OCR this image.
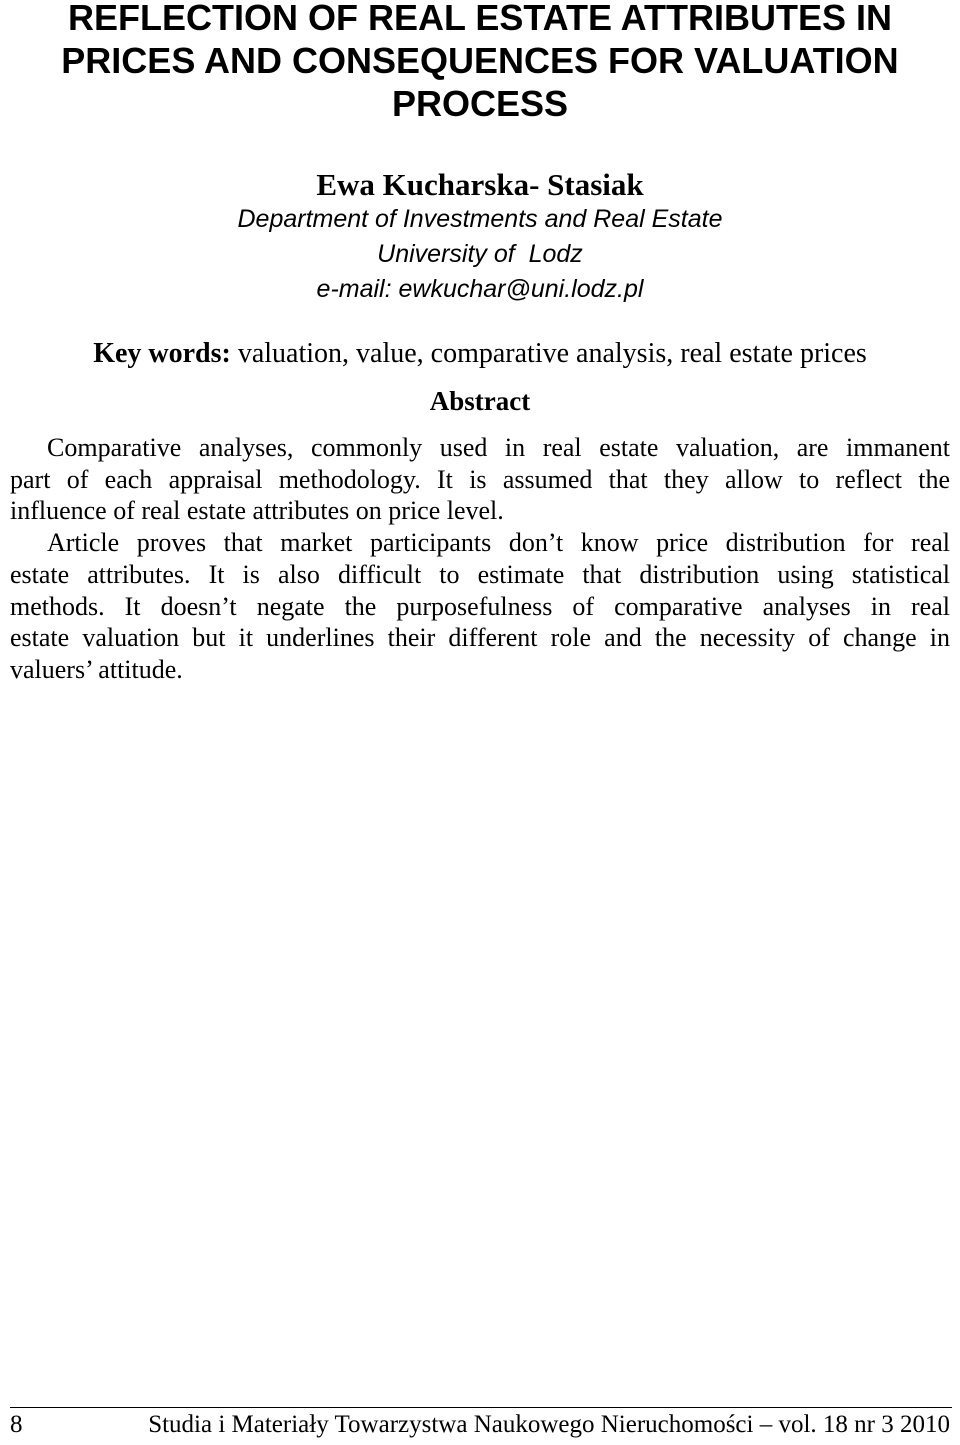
REFLECTION OF REAL ESTATE ATTRIBUTES IN PRICES AND CONSEQUENCES FOR VALUATION PROCESS
Ewa Kucharska- Stasiak
Department of Investments and Real Estate
University of  Lodz
e-mail: ewkuchar@uni.lodz.pl

Key words: valuation, value, comparative analysis, real estate prices

Abstract

Comparative analyses, commonly used in real estate valuation, are immanent
part of each appraisal methodology. It is assumed that they allow to reflect the
influence of real estate attributes on price level.

Article proves that market participants don’t know price distribution for real
estate attributes. It is also difficult to estimate that distribution using statistical
methods. It doesn’t negate the purposefulness of comparative analyses in real
estate valuation but it underlines their different role and the necessity of change in
valuers’ attitude.

8	Studia i Materiały Towarzystwa Naukowego Nieruchomości – vol. 18 nr 3 2010
